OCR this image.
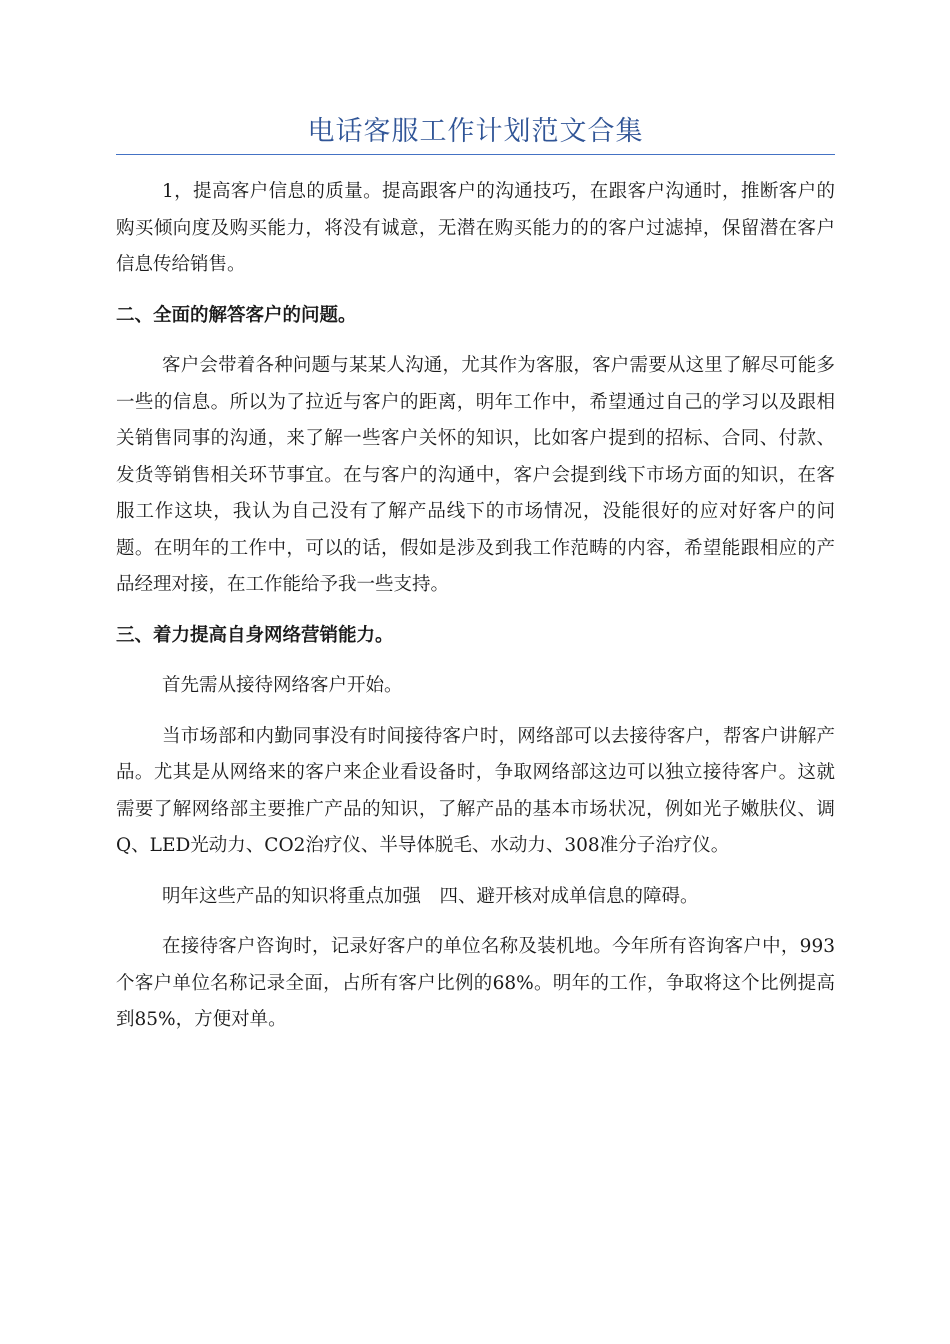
电话客服工作计划范文合集

1，提高客户信息的质量。提高跟客户的沟通技巧，在跟客户沟通时，推断客户的购买倾向度及购买能力，将没有诚意，无潜在购买能力的的客户过滤掉，保留潜在客户信息传给销售。

二、全面的解答客户的问题。

客户会带着各种问题与某某人沟通，尤其作为客服，客户需要从这里了解尽可能多一些的信息。所以为了拉近与客户的距离，明年工作中，希望通过自己的学习以及跟相关销售同事的沟通，来了解一些客户关怀的知识，比如客户提到的招标、合同、付款、发货等销售相关环节事宜。在与客户的沟通中，客户会提到线下市场方面的知识，在客服工作这块，我认为自己没有了解产品线下的市场情况，没能很好的应对好客户的问题。在明年的工作中，可以的话，假如是涉及到我工作范畴的内容，希望能跟相应的产品经理对接，在工作能给予我一些支持。

三、着力提高自身网络营销能力。

首先需从接待网络客户开始。

当市场部和内勤同事没有时间接待客户时，网络部可以去接待客户，帮客户讲解产品。尤其是从网络来的客户来企业看设备时，争取网络部这边可以独立接待客户。这就需要了解网络部主要推广产品的知识，了解产品的基本市场状况，例如光子嫩肤仪、调Q、LED光动力、CO2治疗仪、半导体脱毛、水动力、308准分子治疗仪。

明年这些产品的知识将重点加强　四、避开核对成单信息的障碍。

在接待客户咨询时，记录好客户的单位名称及装机地。今年所有咨询客户中，993个客户单位名称记录全面，占所有客户比例的68%。明年的工作，争取将这个比例提高到85%，方便对单。
